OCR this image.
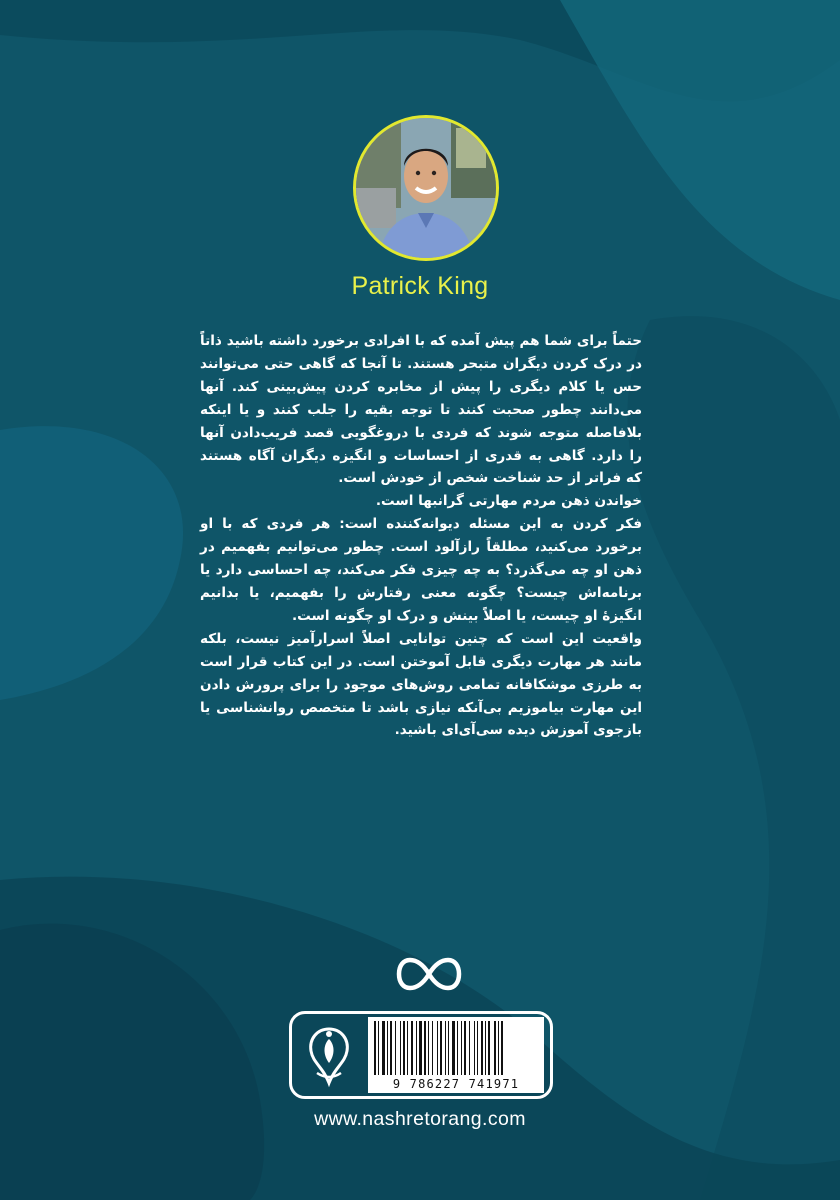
Patrick King

حتماً برای شما هم پیش آمده که با افرادی برخورد داشته باشید ذاتاً در درک کردن دیگران متبحر هستند. تا آنجا که گاهی حتی می‌توانند حس یا کلام دیگری را پیش از مخابره کردن پیش‌بینی کند. آنها می‌دانند چطور صحبت کنند تا توجه بقیه را جلب کنند و یا اینکه بلافاصله متوجه شوند که فردی با دروغگویی قصد فریب‌دادن آنها را دارد. گاهی به قدری از احساسات و انگیزه دیگران آگاه هستند که فراتر از حد شناخت شخص از خودش است.

خواندن ذهن مردم مهارتی گرانبها است.

فکر کردن به این مسئله دیوانه‌کننده است: هر فردی که با او برخورد می‌کنید، مطلقاً رازآلود است. چطور می‌توانیم بفهمیم در ذهن او چه می‌گذرد؟ به چه چیزی فکر می‌کند، چه احساسی دارد یا برنامه‌اش چیست؟ چگونه معنی رفتارش را بفهمیم، یا بدانیم انگیزهٔ او چیست، یا اصلاً بینش و درک او چگونه است.

واقعیت این است که چنین توانایی اصلاً اسرارآمیز نیست، بلکه مانند هر مهارت دیگری قابل آموختن است. در این کتاب قرار است به طرزی موشکافانه تمامی روش‌های موجود را برای پرورش دادن این مهارت بیاموزیم بی‌آنکه نیازی باشد تا متخصص روانشناسی یا بازجوی آموزش دیده سی‌آی‌ای باشید.

9 786227 741971
www.nashretorang.com
